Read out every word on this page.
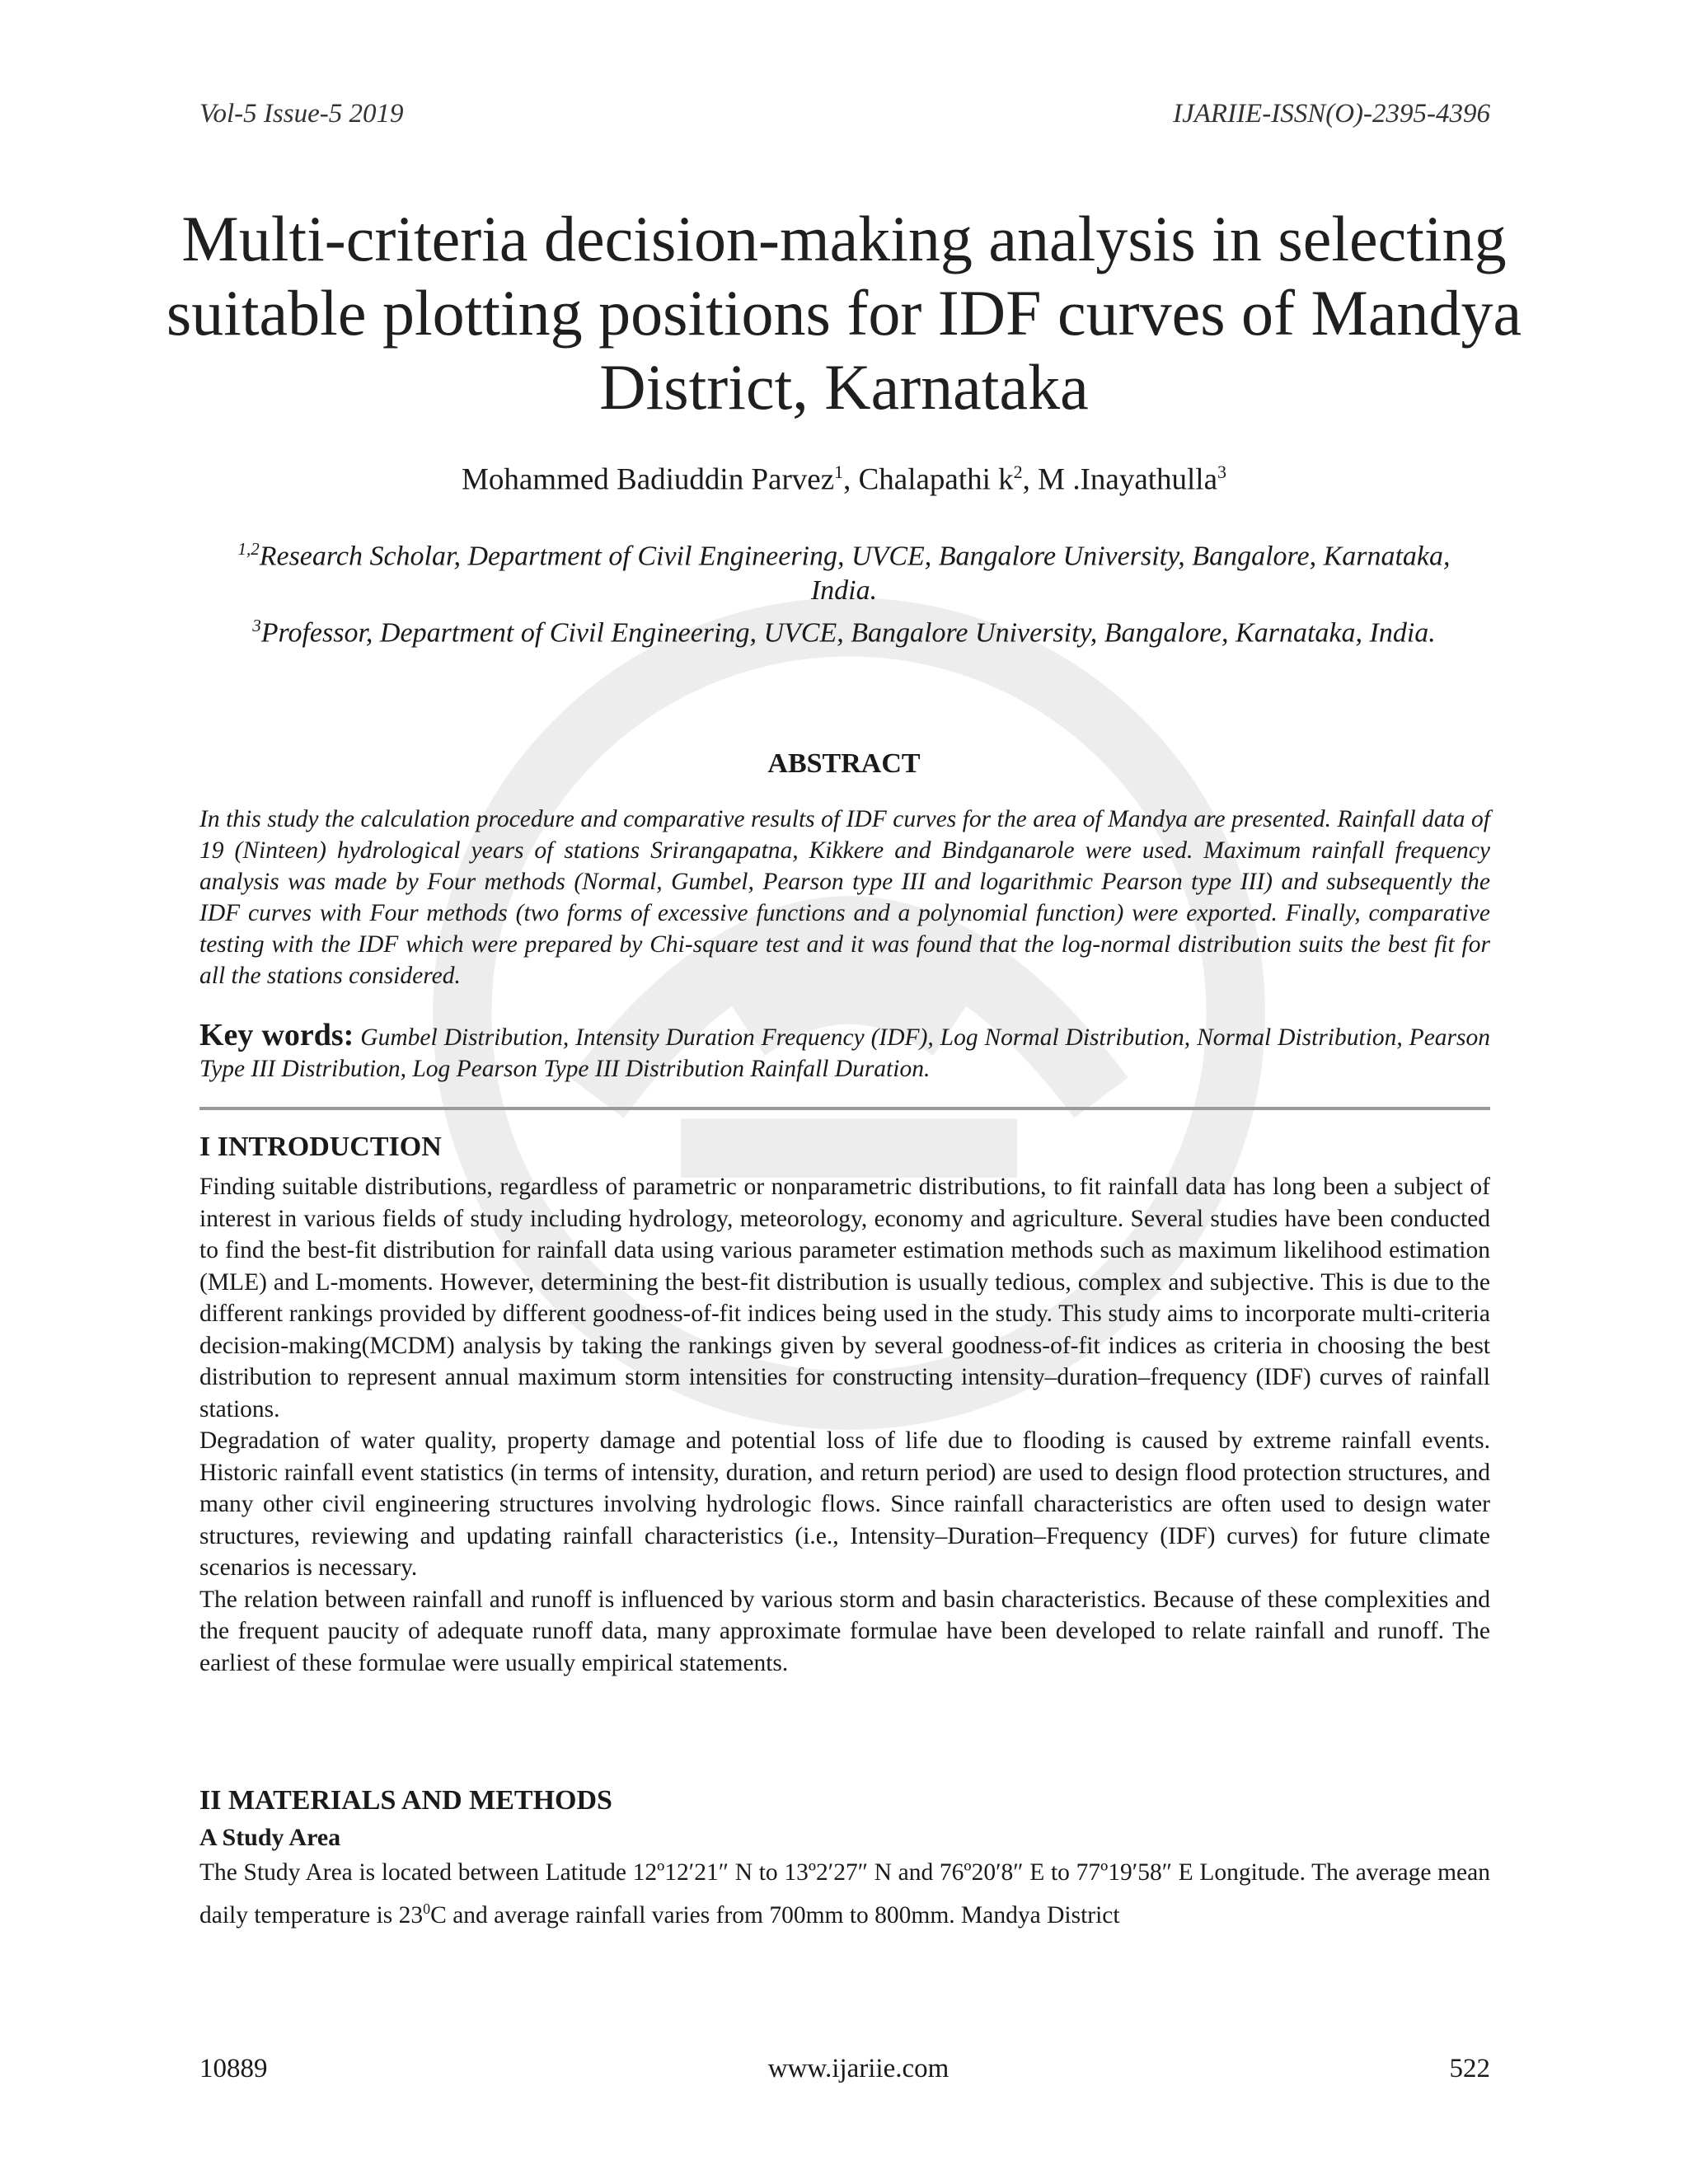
Vol-5 Issue-5 2019	IJARIIE-ISSN(O)-2395-4396
Multi-criteria decision-making analysis in selecting suitable plotting positions for IDF curves of Mandya District, Karnataka
Mohammed Badiuddin Parvez$^1$, Chalapathi $k^2$, M .Inayathulla$^3$
$^{1,2}$Research Scholar, Department of Civil Engineering, UVCE, Bangalore University, Bangalore, Karnataka, India.
$^3$Professor, Department of Civil Engineering, UVCE, Bangalore University, Bangalore, Karnataka, India.
ABSTRACT
In this study the calculation procedure and comparative results of IDF curves for the area of Mandya are presented. Rainfall data of 19 (Ninteen) hydrological years of stations Srirangapatna, Kikkere and Bindganarole were used. Maximum rainfall frequency analysis was made by Four methods (Normal, Gumbel, Pearson type III and logarithmic Pearson type III) and subsequently the IDF curves with Four methods (two forms of excessive functions and a polynomial function) were exported. Finally, comparative testing with the IDF which were prepared by Chi-square test and it was found that the log-normal distribution suits the best fit for all the stations considered.
Key words: Gumbel Distribution, Intensity Duration Frequency (IDF), Log Normal Distribution, Normal Distribution, Pearson Type III Distribution, Log Pearson Type III Distribution Rainfall Duration.
I INTRODUCTION

Finding suitable distributions, regardless of parametric or nonparametric distributions, to fit rainfall data has long been a subject of interest in various fields of study including hydrology, meteorology, economy and agriculture. Several studies have been conducted to find the best-fit distribution for rainfall data using various parameter estimation methods such as maximum likelihood estimation (MLE) and L-moments. However, determining the best-fit distribution is usually tedious, complex and subjective. This is due to the different rankings provided by different goodness-of-fit indices being used in the study. This study aims to incorporate multi-criteria decision-making(MCDM) analysis by taking the rankings given by several goodness-of-fit indices as criteria in choosing the best distribution to represent annual maximum storm intensities for constructing intensity–duration–frequency (IDF) curves of rainfall stations.

Degradation of water quality, property damage and potential loss of life due to flooding is caused by extreme rainfall events. Historic rainfall event statistics (in terms of intensity, duration, and return period) are used to design flood protection structures, and many other civil engineering structures involving hydrologic flows. Since rainfall characteristics are often used to design water structures, reviewing and updating rainfall characteristics (i.e., Intensity–Duration–Frequency (IDF) curves) for future climate scenarios is necessary.

The relation between rainfall and runoff is influenced by various storm and basin characteristics. Because of these complexities and the frequent paucity of adequate runoff data, many approximate formulae have been developed to relate rainfall and runoff. The earliest of these formulae were usually empirical statements.

II MATERIALS AND METHODS
A Study Area
The Study Area is located between Latitude 12º12′21″ N to 13º2′27″ N and 76º20′8″ E to 77º19′58″ E Longitude. The average mean daily temperature is $23^0C$ and average rainfall varies from 700mm to 800mm. Mandya District
10889	www.ijariie.com	522
